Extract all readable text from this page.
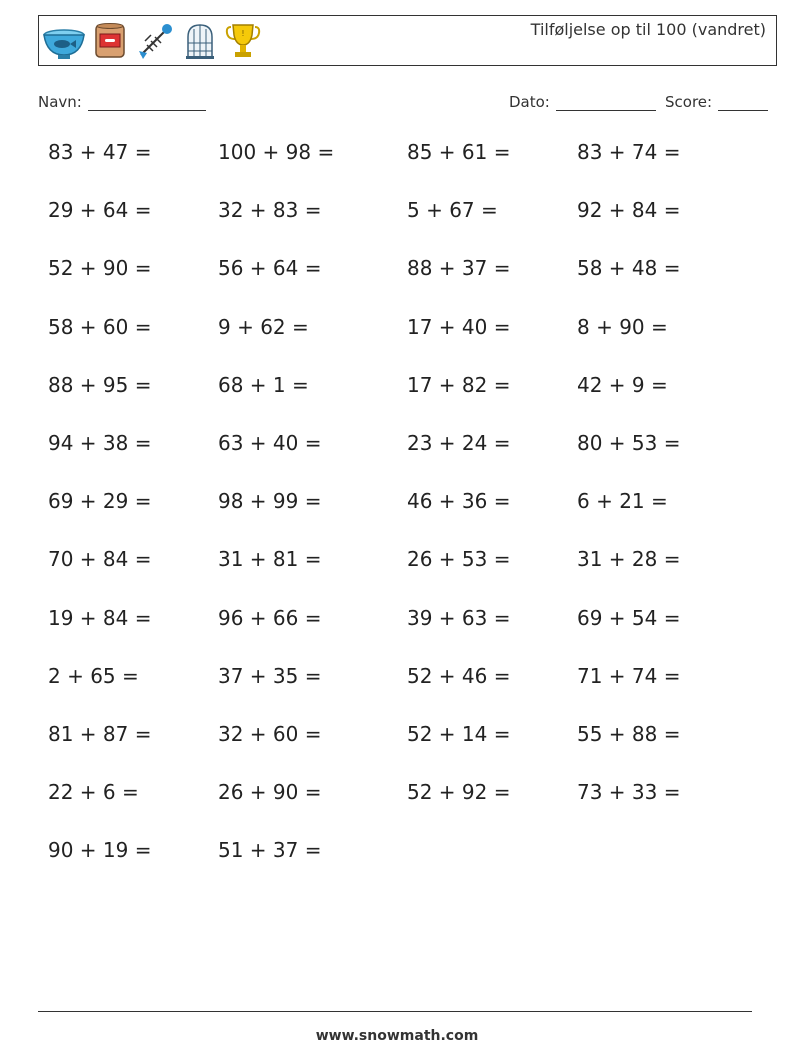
!	Tilføljelse op til 100 (vandret)
Navn:	Dato:	Score:
83 + 47 =	100 + 98 =	85 + 61 =	83 + 74 =
29 + 64 =	32 + 83 =	5 + 67 =	92 + 84 =
52 + 90 =	56 + 64 =	88 + 37 =	58 + 48 =
58 + 60 =	9 + 62 =	17 + 40 =	8 + 90 =
88 + 95 =	68 + 1 =	17 + 82 =	42 + 9 =
94 + 38 =	63 + 40 =	23 + 24 =	80 + 53 =
69 + 29 =	98 + 99 =	46 + 36 =	6 + 21 =
70 + 84 =	31 + 81 =	26 + 53 =	31 + 28 =
19 + 84 =	96 + 66 =	39 + 63 =	69 + 54 =
2 + 65 =	37 + 35 =	52 + 46 =	71 + 74 =
81 + 87 =	32 + 60 =	52 + 14 =	55 + 88 =
22 + 6 =	26 + 90 =	52 + 92 =	73 + 33 =
90 + 19 =	51 + 37 =
www.snowmath.com
